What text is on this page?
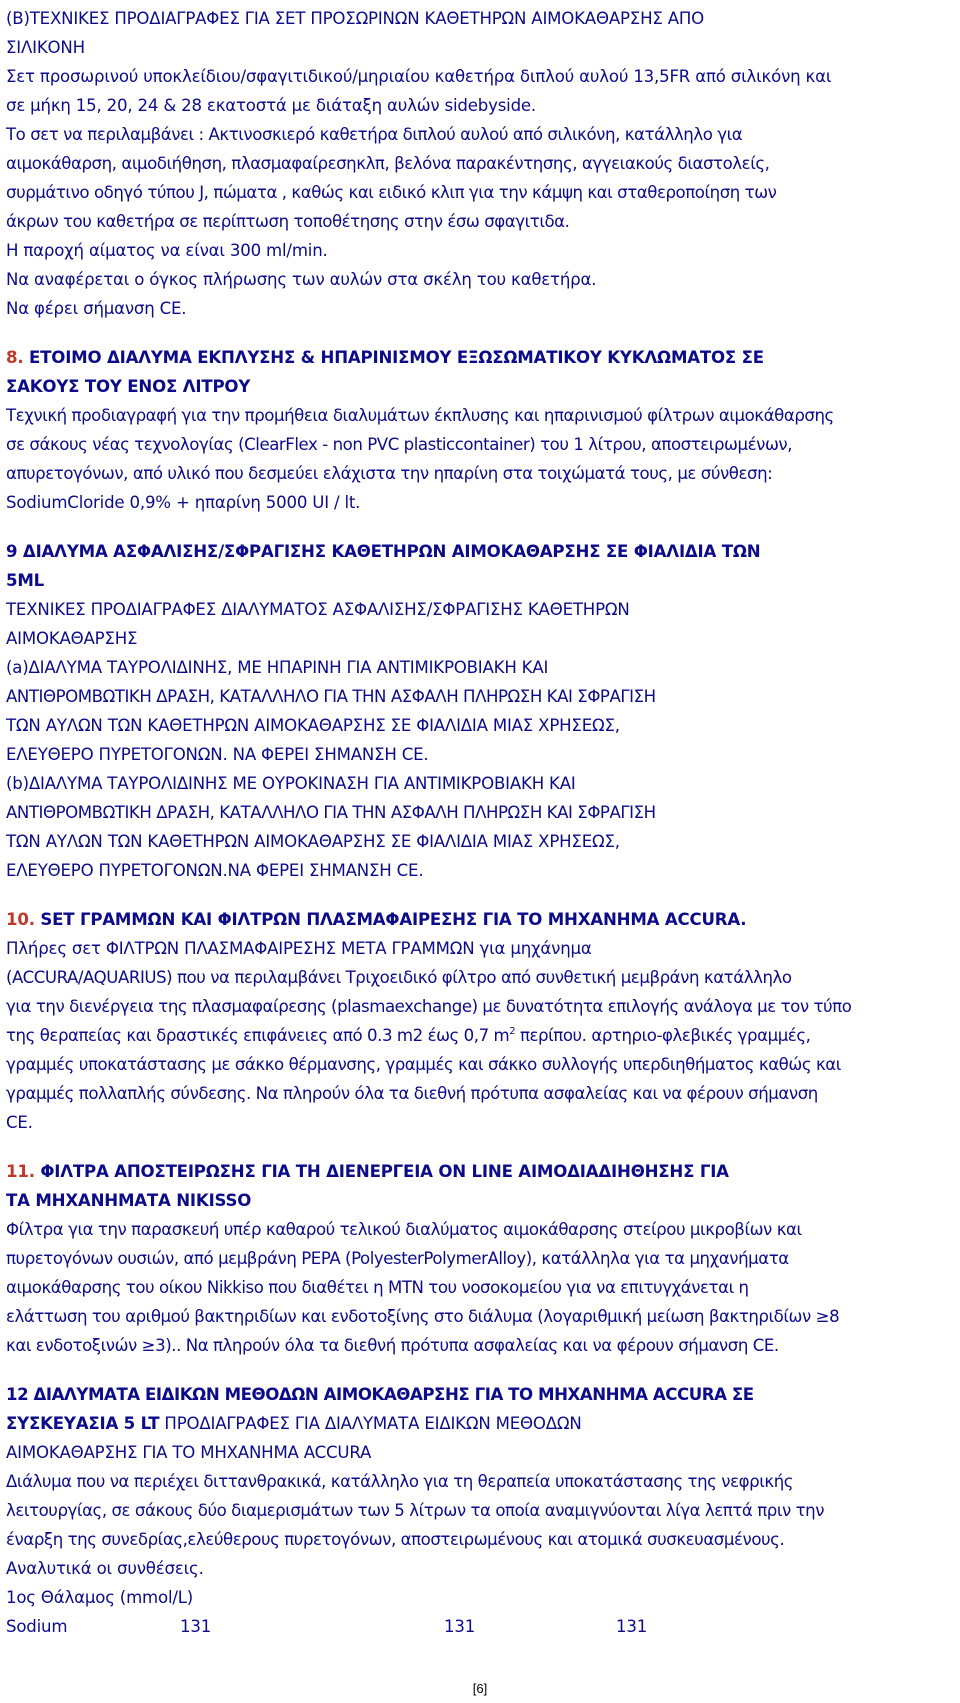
(B)ΤΕΧΝΙΚΕΣ ΠΡΟΔΙΑΓΡΑΦΕΣ ΓΙΑ ΣΕΤ ΠΡΟΣΩΡΙΝΩΝ ΚΑΘΕΤΗΡΩΝ ΑΙΜΟΚΑΘΑΡΣΗΣ ΑΠΟ
ΣΙΛΙΚΟΝΗ
Σετ προσωρινού υποκλείδιου/σφαγιτιδικού/μηριαίου καθετήρα διπλού αυλού 13,5FR από σιλικόνη και
σε μήκη 15, 20, 24 & 28 εκατοστά με διάταξη αυλών sidebyside.
Το σετ να περιλαμβάνει : Ακτινοσκιερό καθετήρα διπλού αυλού από σιλικόνη, κατάλληλο για
αιμοκάθαρση, αιμοδιήθηση, πλασμαφαίρεσηκλπ, βελόνα παρακέντησης, αγγειακούς διαστολείς,
συρμάτινο οδηγό τύπου J, πώματα , καθώς και ειδικό κλιπ για την κάμψη και σταθεροποίηση των
άκρων του καθετήρα σε περίπτωση τοποθέτησης στην έσω σφαγιτιδα.
Η παροχή αίματος να είναι 300 ml/min.
Να αναφέρεται ο όγκος πλήρωσης των αυλών στα σκέλη του καθετήρα.
Να φέρει σήμανση CE.
8. ΕΤΟΙΜΟ ΔΙΑΛΥΜΑ ΕΚΠΛΥΣΗΣ & ΗΠΑΡΙΝΙΣΜΟΥ ΕΞΩΣΩΜΑΤΙΚΟΥ ΚΥΚΛΩΜΑΤΟΣ ΣΕ
ΣΑΚΟΥΣ ΤΟΥ ΕΝΟΣ ΛΙΤΡΟΥ
Τεχνική προδιαγραφή για την προμήθεια διαλυμάτων έκπλυσης και ηπαρινισμού φίλτρων αιμοκάθαρσης
σε σάκους νέας τεχνολογίας (ClearFlex - non PVC plasticcontainer) του 1 λίτρου, αποστειρωμένων,
απυρετογόνων, από υλικό που δεσμεύει ελάχιστα την ηπαρίνη στα τοιχώματά τους, με σύνθεση:
SodiumCloride 0,9% + ηπαρίνη 5000 UI / lt.
9 ΔΙΑΛΥΜΑ ΑΣΦΑΛΙΣΗΣ/ΣΦΡΑΓΙΣΗΣ ΚΑΘΕΤΗΡΩΝ ΑΙΜΟΚΑΘΑΡΣΗΣ ΣΕ ΦΙΑΛΙΔΙΑ ΤΩΝ
5ML
ΤΕΧΝΙΚΕΣ ΠΡΟΔΙΑΓΡΑΦΕΣ ΔΙΑΛΥΜΑΤΟΣ ΑΣΦΑΛΙΣΗΣ/ΣΦΡΑΓΙΣΗΣ ΚΑΘΕΤΗΡΩΝ
ΑΙΜΟΚΑΘΑΡΣΗΣ
(a)ΔΙΑΛΥΜΑ ΤΑΥΡΟΛΙΔΙΝΗΣ, ΜΕ ΗΠΑΡΙΝΗ ΓΙΑ ΑΝΤΙΜΙΚΡΟΒΙΑΚΗ ΚΑΙ
ΑΝΤΙΘΡΟΜΒΩΤΙΚΗ ΔΡΑΣΗ, ΚΑΤΑΛΛΗΛΟ ΓΙΑ ΤΗΝ ΑΣΦΑΛΗ ΠΛΗΡΩΣΗ ΚΑΙ ΣΦΡΑΓΙΣΗ
ΤΩΝ ΑΥΛΩΝ ΤΩΝ ΚΑΘΕΤΗΡΩΝ ΑΙΜΟΚΑΘΑΡΣΗΣ ΣΕ ΦΙΑΛΙΔΙΑ ΜΙΑΣ ΧΡΗΣΕΩΣ,
ΕΛΕΥΘΕΡΟ ΠΥΡΕΤΟΓΟΝΩΝ. ΝΑ ΦΕΡΕΙ ΣΗΜΑΝΣΗ CE.
(b)ΔΙΑΛΥΜΑ ΤΑΥΡΟΛΙΔΙΝΗΣ ΜΕ ΟΥΡΟΚΙΝΑΣΗ ΓΙΑ ΑΝΤΙΜΙΚΡΟΒΙΑΚΗ ΚΑΙ
ΑΝΤΙΘΡΟΜΒΩΤΙΚΗ ΔΡΑΣΗ, ΚΑΤΑΛΛΗΛΟ ΓΙΑ ΤΗΝ ΑΣΦΑΛΗ ΠΛΗΡΩΣΗ ΚΑΙ ΣΦΡΑΓΙΣΗ
ΤΩΝ ΑΥΛΩΝ ΤΩΝ ΚΑΘΕΤΗΡΩΝ ΑΙΜΟΚΑΘΑΡΣΗΣ ΣΕ ΦΙΑΛΙΔΙΑ ΜΙΑΣ ΧΡΗΣΕΩΣ,
ΕΛΕΥΘΕΡΟ ΠΥΡΕΤΟΓΟΝΩΝ.ΝΑ ΦΕΡΕΙ ΣΗΜΑΝΣΗ CE.
10. SET ΓΡΑΜΜΩΝ ΚΑΙ ΦΙΛΤΡΩΝ ΠΛΑΣΜΑΦΑΙΡΕΣΗΣ ΓΙΑ ΤΟ ΜΗΧΑΝΗΜΑ ACCURA.
Πλήρες σετ ΦΙΛΤΡΩΝ ΠΛΑΣΜΑΦΑΙΡΕΣΗΣ ΜΕΤΑ ΓΡΑΜΜΩΝ για μηχάνημα
(ACCURA/AQUARIUS) που να περιλαμβάνει Τριχοειδικό φίλτρο από συνθετική μεμβράνη κατάλληλο
για την διενέργεια της πλασμαφαίρεσης (plasmaexchange) με δυνατότητα επιλογής ανάλογα με τον τύπο
της θεραπείας και δραστικές επιφάνειες από 0.3 m2 έως 0,7 $m^2$ περίπου. αρτηριο-φλεβικές γραμμές,
γραμμές υποκατάστασης με σάκκο θέρμανσης, γραμμές και σάκκο συλλογής υπερδιηθήματος καθώς και
γραμμές πολλαπλής σύνδεσης. Να πληρούν όλα τα διεθνή πρότυπα ασφαλείας και να φέρουν σήμανση
CE.
11. ΦΙΛΤΡΑ ΑΠΟΣΤΕΙΡΩΣΗΣ ΓΙΑ ΤΗ ΔΙΕΝΕΡΓΕΙΑ ΟΝ LINE ΑΙΜΟΔΙΑΔΙΗΘΗΣΗΣ ΓΙΑ
ΤΑ ΜΗΧΑΝΗΜΑΤΑ NIKISSO
Φίλτρα για την παρασκευή υπέρ καθαρού τελικού διαλύματος αιμοκάθαρσης στείρου μικροβίων και
πυρετογόνων ουσιών, από μεμβράνη PEPA (PolyesterPolymerAlloy), κατάλληλα για τα μηχανήματα
αιμοκάθαρσης του οίκου Nikkiso που διαθέτει η ΜΤΝ του νοσοκομείου για να επιτυγχάνεται η
ελάττωση του αριθμού βακτηριδίων και ενδοτοξίνης στο διάλυμα (λογαριθμική μείωση βακτηριδίων ≥8
και ενδοτοξινών ≥3).. Να πληρούν όλα τα διεθνή πρότυπα ασφαλείας και να φέρουν σήμανση CE.
12 ΔΙΑΛΥΜΑΤΑ ΕΙΔΙΚΩΝ ΜΕΘΟΔΩΝ ΑΙΜΟΚΑΘΑΡΣΗΣ ΓΙΑ ΤΟ ΜΗΧΑΝΗΜΑ ACCURA ΣΕ
ΣΥΣΚΕΥΑΣΙΑ 5 LT ΠΡΟΔΙΑΓΡΑΦΕΣ ΓΙΑ ΔΙΑΛΥΜΑΤΑ ΕΙΔΙΚΩΝ ΜΕΘΟΔΩΝ
ΑΙΜΟΚΑΘΑΡΣΗΣ ΓΙΑ ΤΟ ΜΗΧΑΝΗΜΑ ACCURA
Διάλυμα που να περιέχει διττανθρακικά, κατάλληλο για τη θεραπεία υποκατάστασης της νεφρικής
λειτουργίας, σε σάκους δύο διαμερισμάτων των 5 λίτρων τα οποία αναμιγνύονται λίγα λεπτά πριν την
έναρξη της συνεδρίας,ελεύθερους πυρετογόνων, αποστειρωμένους και ατομικά συσκευασμένους.
Αναλυτικά οι συνθέσεις.
1ος Θάλαμος (mmol/L)
Sodium	131	131	131
[6]
